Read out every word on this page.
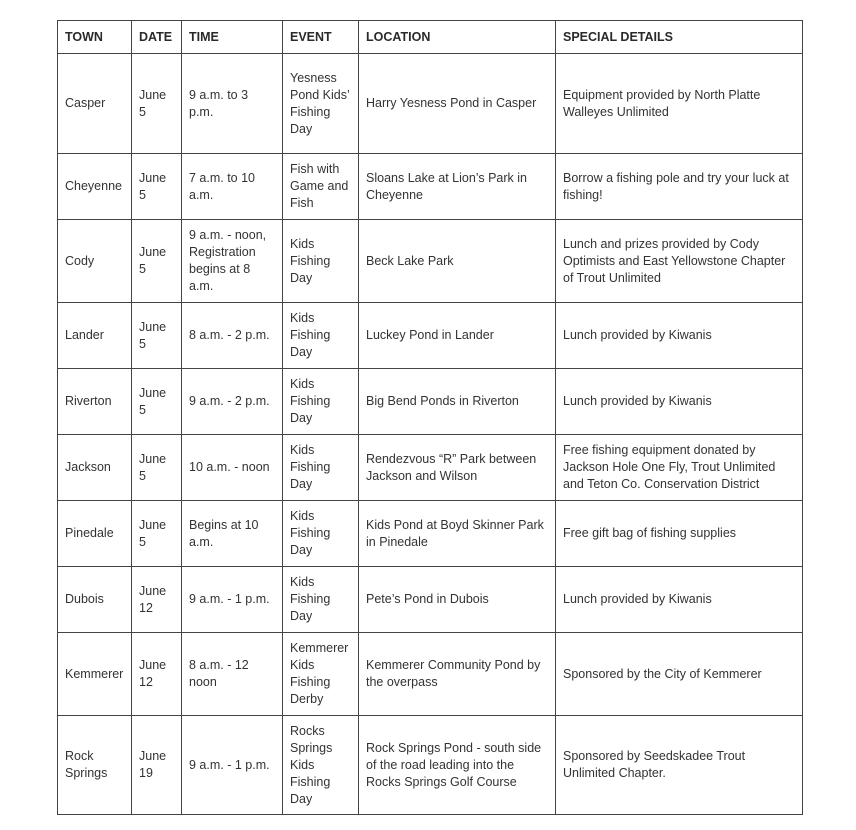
TOWN	DATE	TIME	EVENT	LOCATION	SPECIAL DETAILS
Casper	June 5	9 a.m. to 3 p.m.	Yesness Pond Kids’ Fishing Day	Harry Yesness Pond in Casper	Equipment provided by North Platte Walleyes Unlimited
Cheyenne	June 5	7 a.m. to 10 a.m.	Fish with Game and Fish	Sloans Lake at Lion’s Park in Cheyenne	Borrow a fishing pole and try your luck at fishing!
Cody	June 5	9 a.m. - noon, Registration begins at 8 a.m.	Kids Fishing Day	Beck Lake Park	Lunch and prizes provided by Cody Optimists and East Yellowstone Chapter of Trout Unlimited
Lander	June 5	8 a.m. - 2 p.m.	Kids Fishing Day	Luckey Pond in Lander	Lunch provided by Kiwanis
Riverton	June 5	9 a.m. - 2 p.m.	Kids Fishing Day	Big Bend Ponds in Riverton	Lunch provided by Kiwanis
Jackson	June 5	10 a.m. - noon	Kids Fishing Day	Rendezvous “R” Park between Jackson and Wilson	Free fishing equipment donated by Jackson Hole One Fly, Trout Unlimited and Teton Co. Conservation District
Pinedale	June 5	Begins at 10 a.m.	Kids Fishing Day	Kids Pond at Boyd Skinner Park in Pinedale	Free gift bag of fishing supplies
Dubois	June 12	9 a.m. - 1 p.m.	Kids Fishing Day	Pete’s Pond in Dubois	Lunch provided by Kiwanis
Kemmerer	June 12	8 a.m. - 12 noon	Kemmerer Kids Fishing Derby	Kemmerer Community Pond by the overpass	Sponsored by the City of Kemmerer
Rock Springs	June 19	9 a.m. - 1 p.m.	Rocks Springs Kids Fishing Day	Rock Springs Pond - south side of the road leading into the Rocks Springs Golf Course	Sponsored by Seedskadee Trout Unlimited Chapter.
